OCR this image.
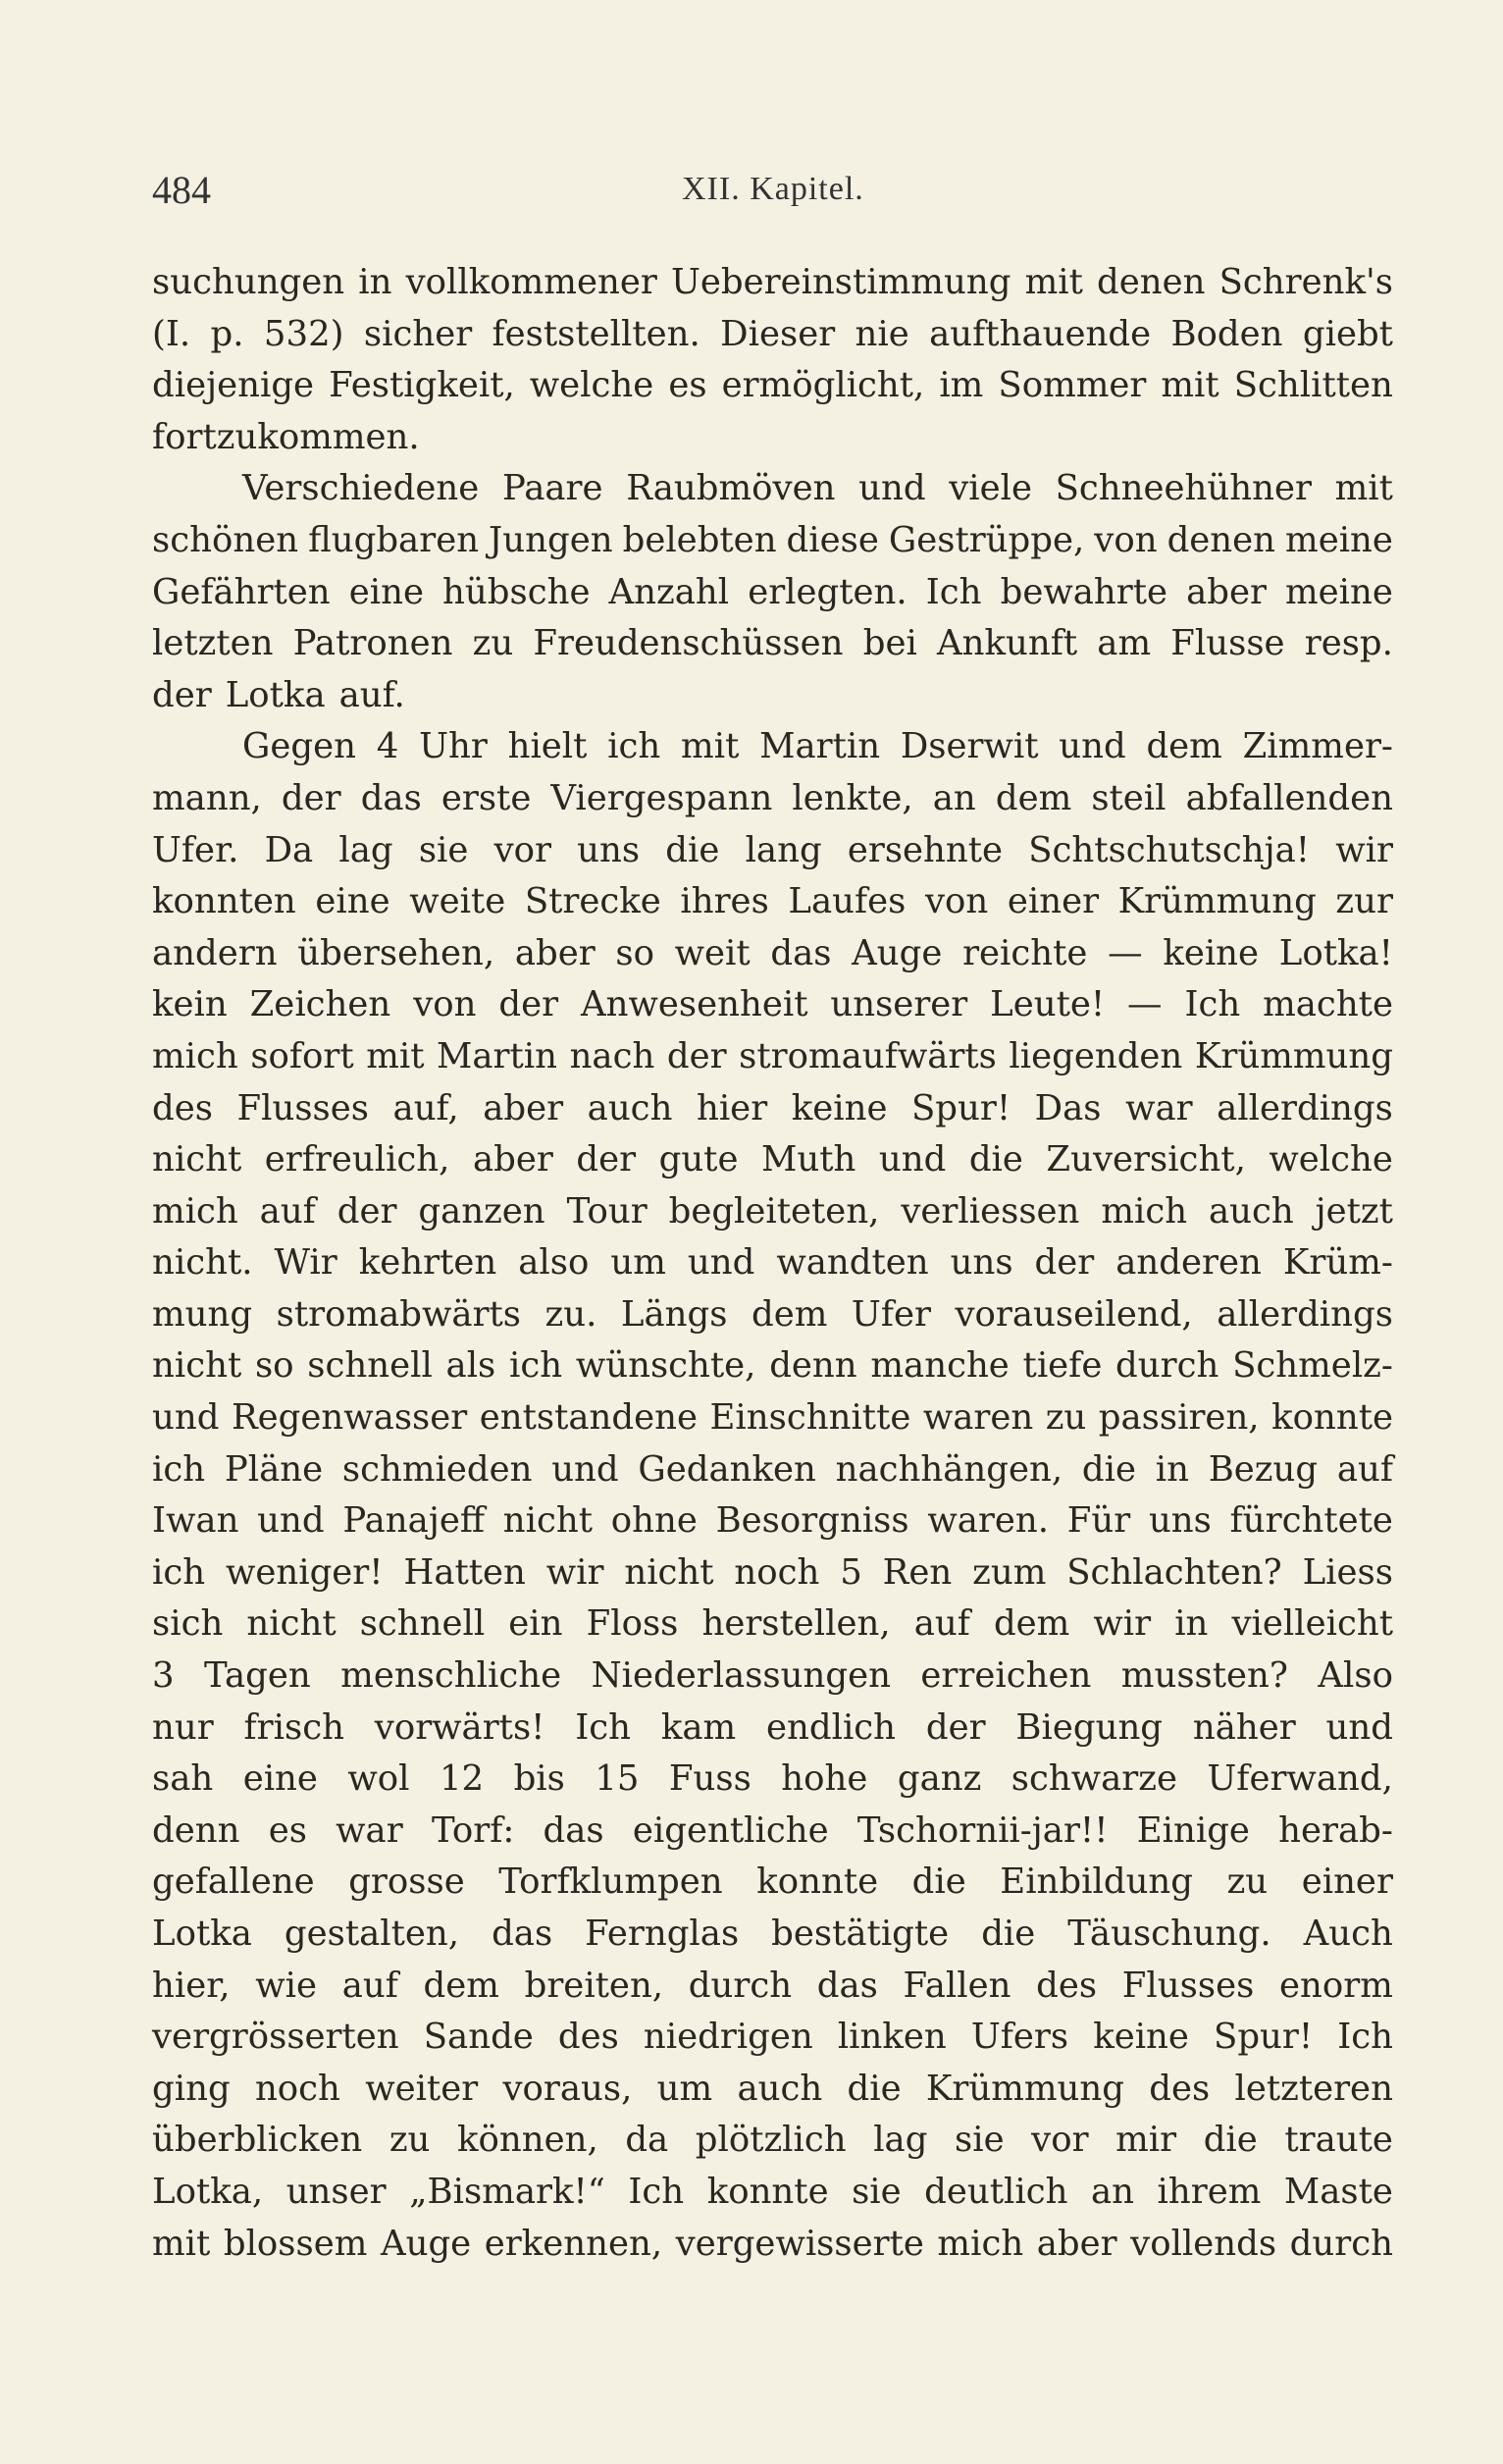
484	XII. Kapitel.
suchungen in vollkommener Uebereinstimmung mit denen Schrenk's
(I. p. 532) sicher feststellten. Dieser nie aufthauende Boden giebt
diejenige Festigkeit, welche es ermöglicht, im Sommer mit Schlitten
fortzukommen.
Verschiedene Paare Raubmöven und viele Schneehühner mit
schönen flugbaren Jungen belebten diese Gestrüppe, von denen meine
Gefährten eine hübsche Anzahl erlegten. Ich bewahrte aber meine
letzten Patronen zu Freudenschüssen bei Ankunft am Flusse resp.
der Lotka auf.
Gegen 4 Uhr hielt ich mit Martin Dserwit und dem Zimmer-
mann, der das erste Viergespann lenkte, an dem steil abfallenden
Ufer. Da lag sie vor uns die lang ersehnte Schtschutschja! wir
konnten eine weite Strecke ihres Laufes von einer Krümmung zur
andern übersehen, aber so weit das Auge reichte — keine Lotka!
kein Zeichen von der Anwesenheit unserer Leute! — Ich machte
mich sofort mit Martin nach der stromaufwärts liegenden Krümmung
des Flusses auf, aber auch hier keine Spur! Das war allerdings
nicht erfreulich, aber der gute Muth und die Zuversicht, welche
mich auf der ganzen Tour begleiteten, verliessen mich auch jetzt
nicht. Wir kehrten also um und wandten uns der anderen Krüm-
mung stromabwärts zu. Längs dem Ufer vorauseilend, allerdings
nicht so schnell als ich wünschte, denn manche tiefe durch Schmelz-
und Regenwasser entstandene Einschnitte waren zu passiren, konnte
ich Pläne schmieden und Gedanken nachhängen, die in Bezug auf
Iwan und Panajeff nicht ohne Besorgniss waren. Für uns fürchtete
ich weniger! Hatten wir nicht noch 5 Ren zum Schlachten? Liess
sich nicht schnell ein Floss herstellen, auf dem wir in vielleicht
3 Tagen menschliche Niederlassungen erreichen mussten? Also
nur frisch vorwärts! Ich kam endlich der Biegung näher und
sah eine wol 12 bis 15 Fuss hohe ganz schwarze Uferwand,
denn es war Torf: das eigentliche Tschornii-jar!! Einige herab-
gefallene grosse Torfklumpen konnte die Einbildung zu einer
Lotka gestalten, das Fernglas bestätigte die Täuschung. Auch
hier, wie auf dem breiten, durch das Fallen des Flusses enorm
vergrösserten Sande des niedrigen linken Ufers keine Spur! Ich
ging noch weiter voraus, um auch die Krümmung des letzteren
überblicken zu können, da plötzlich lag sie vor mir die traute
Lotka, unser „Bismark!“ Ich konnte sie deutlich an ihrem Maste
mit blossem Auge erkennen, vergewisserte mich aber vollends durch
